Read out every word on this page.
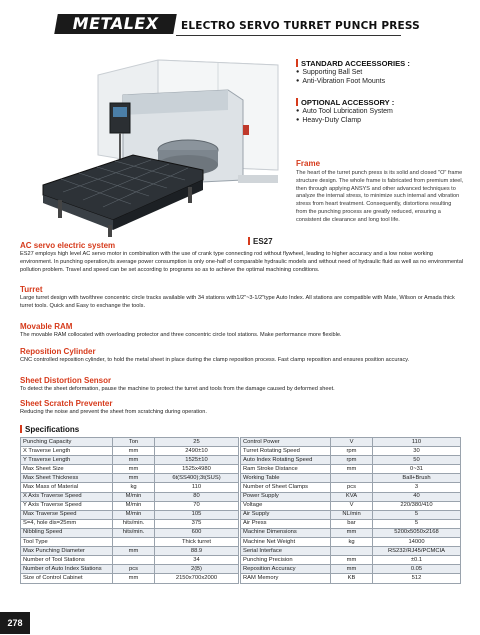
METALEX	ELECTRO SERVO TURRET PUNCH PRESS
ES27
STANDARD ACCEESSORIES :
● Supporting Ball Set
● Anti-Vibration Foot Mounts
OPTIONAL ACCESSORY :
● Auto Tool Lubrication System
● Heavy-Duty Clamp
Frame
The heart of the turret punch press is its solid and closed "O" frame structure design. The whole frame is fabricated from premium steel, then through applying ANSYS and other advanced techniques to analyze the internal stress, to minimize such internal and vibration stress from heart treatment. Consequently, distortions resulting from the punching process are greatly reduced, ensuring a consistent die clearance and long tool life.
AC servo electric system
ES27 employs high level AC servo motor in combination with the use of crank type connecting rod without flywheel, leading to higher accuracy and a low noise working environment. In punching operation,its average power consumption is only one-half of comparable hydraulic models and without need of hydraulic fluid as well as no environmental pollution problem. Travel and speed can be set according to programs so as to achieve the optimal machining conditions.
Turret
Large turret design with two/three concentric circle tracks available with 34 stations with1/2"~3-1/2"type Auto Index. All stations are compatible with Mate, Wilson or Amada thick turret tools. Quick and Easy to exchange the tools.
Movable RAM
The movable RAM collocated with overloading protector and three concentric circle tool stations. Make performance more flexible.
Reposition Cylinder
CNC controlled reposition cylinder, to hold the metal sheet in place during the clamp reposition process. Fast clamp reposition and ensures position accuracy.
Sheet Distortion Sensor
To detect the sheet deformation, pause the machine to protect the turret and tools from the damage caused by deformed sheet.
Sheet Scratch Preventer
Reducing the noise and prevent the sheet from scratching during operation.
Specifications
Punching Capacity	Ton	25
X Traverse Length	mm	2490±10
Y Traverse Length	mm	1525±10
Max Sheet Size	mm	1525x4980
Max Sheet Thickness	mm	6t(SS400);3t(SUS)
Max Mass of Material	kg	110
X Axis Traverse Speed	M/min	80
Y Axis Traverse Speed	M/min	70
Max Traverse Speed	M/min	105
S=4, hole dis=25mm	hits/min.	375
Nibbling Speed	hits/min.	600
Tool Type		Thick turret
Max Punching Diameter	mm	88.9
Number of Tool Stations		34
Number of Auto Index Stations	pcs	2(B)
Size of Control Cabinet	mm	2150x700x2000
Control Power	V	110
Turret Rotating Speed	rpm	30
Auto Index Rotating Speed	rpm	50
Ram Stroke Distance	mm	0~31
Working Table		Ball+Brush
Number of Sheet Clamps	pcs	3
Power Supply	KVA	40
Voltage	V	220/380/410
Air Supply	NL/min	5
Air Press	bar	5
Machine Dimensions	mm	5200x5050x2168
Machine Net Weight	kg	14000
Serial Interface		RS232/RJ45/PCMCIA
Punching Precision	mm	±0.1
Reposition Accuracy	mm	0.05
RAM Memory	KB	512
278
